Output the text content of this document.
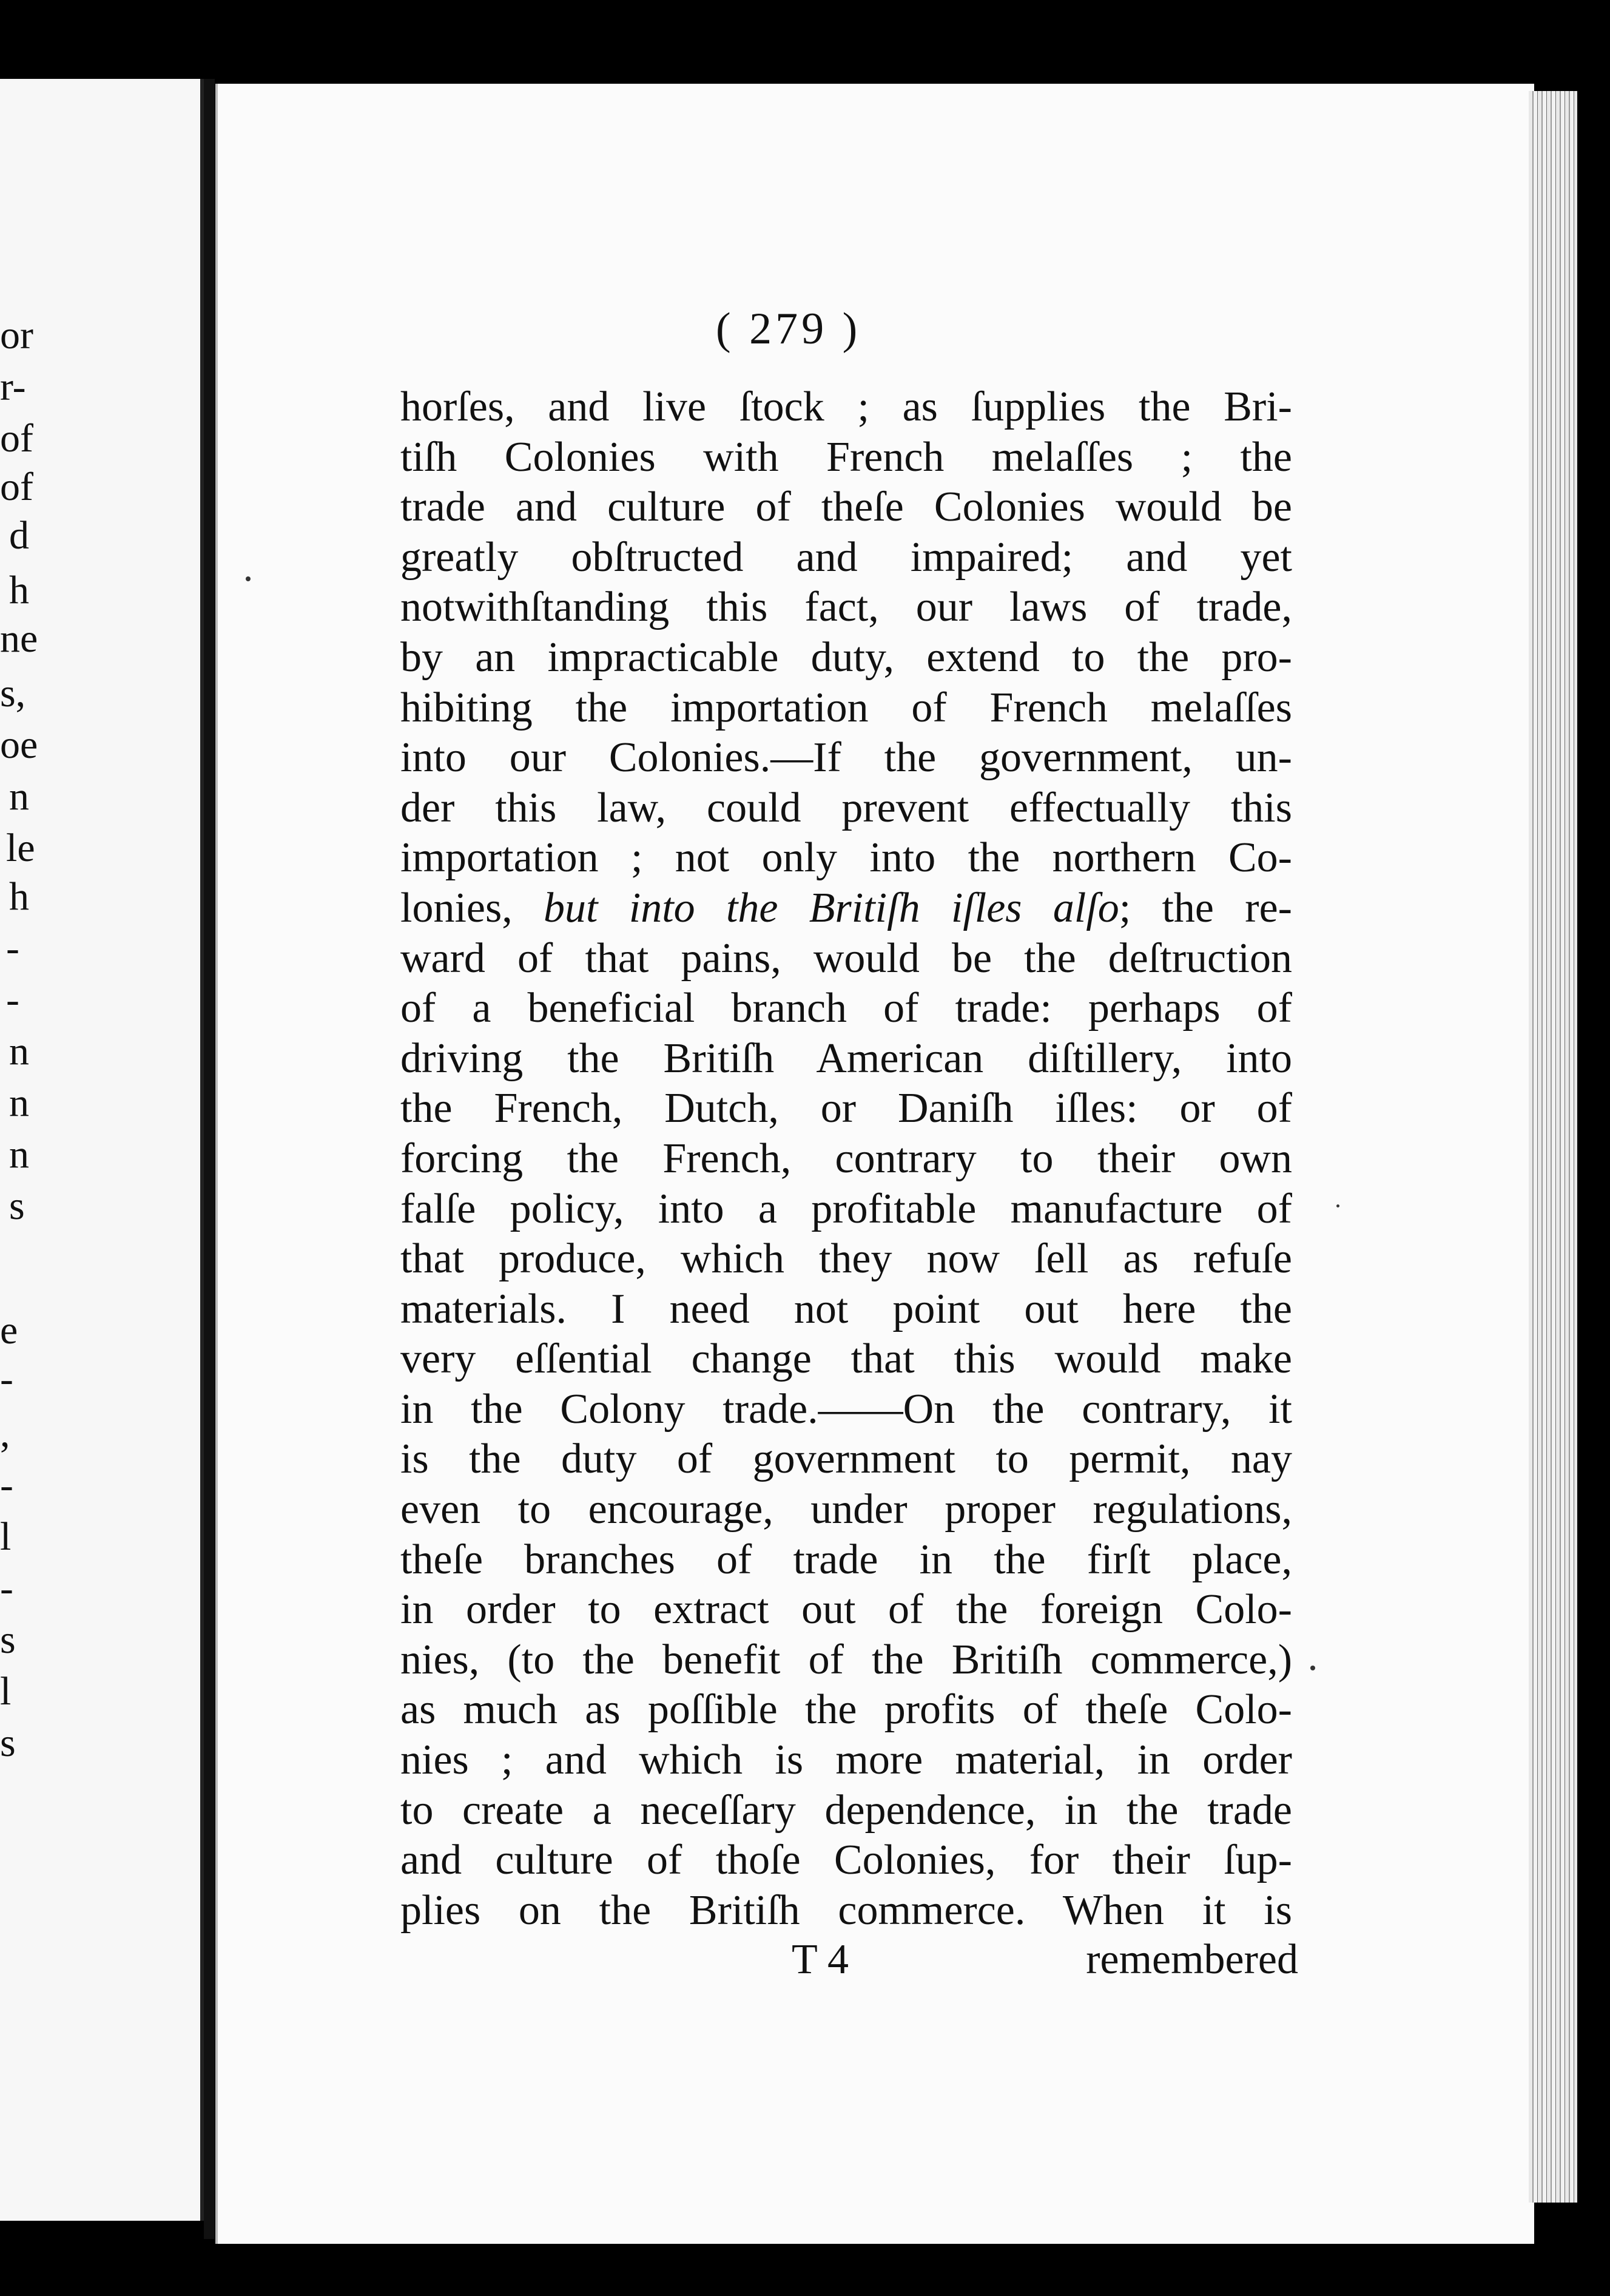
or
r-
of
of
d
h
ne
s,
oe
n
le
h
-
-
n
n
n
s
e
-
,
-
l
-
s
l
s
( 279 )
horſes, and live ſtock ; as ſupplies the Bri-
tiſh Colonies with French melaſſes ; the
trade and culture of theſe Colonies would be
greatly obſtructed and impaired; and yet
notwithſtanding this fact, our laws of trade,
by an impracticable duty, extend to the pro-
hibiting the importation of French melaſſes
into our Colonies.—If the government, un-
der this law, could prevent effectually this
importation ; not only into the northern Co-
lonies, but into the Britiſh iſles alſo; the re-
ward of that pains, would be the deſtruction
of a beneficial branch of trade: perhaps of
driving the Britiſh American diſtillery, into
the French, Dutch, or Daniſh iſles: or of
forcing the French, contrary to their own
falſe policy, into a profitable manufacture of
that produce, which they now ſell as refuſe
materials. I need not point out here the
very eſſential change that this would make
in the Colony trade.——On the contrary, it
is the duty of government to permit, nay
even to encourage, under proper regulations,
theſe branches of trade in the firſt place,
in order to extract out of the foreign Colo-
nies, (to the benefit of the Britiſh commerce,)
as much as poſſible the profits of theſe Colo-
nies ; and which is more material, in order
to create a neceſſary dependence, in the trade
and culture of thoſe Colonies, for their ſup-
plies on the Britiſh commerce. When it is
T 4	remembered
